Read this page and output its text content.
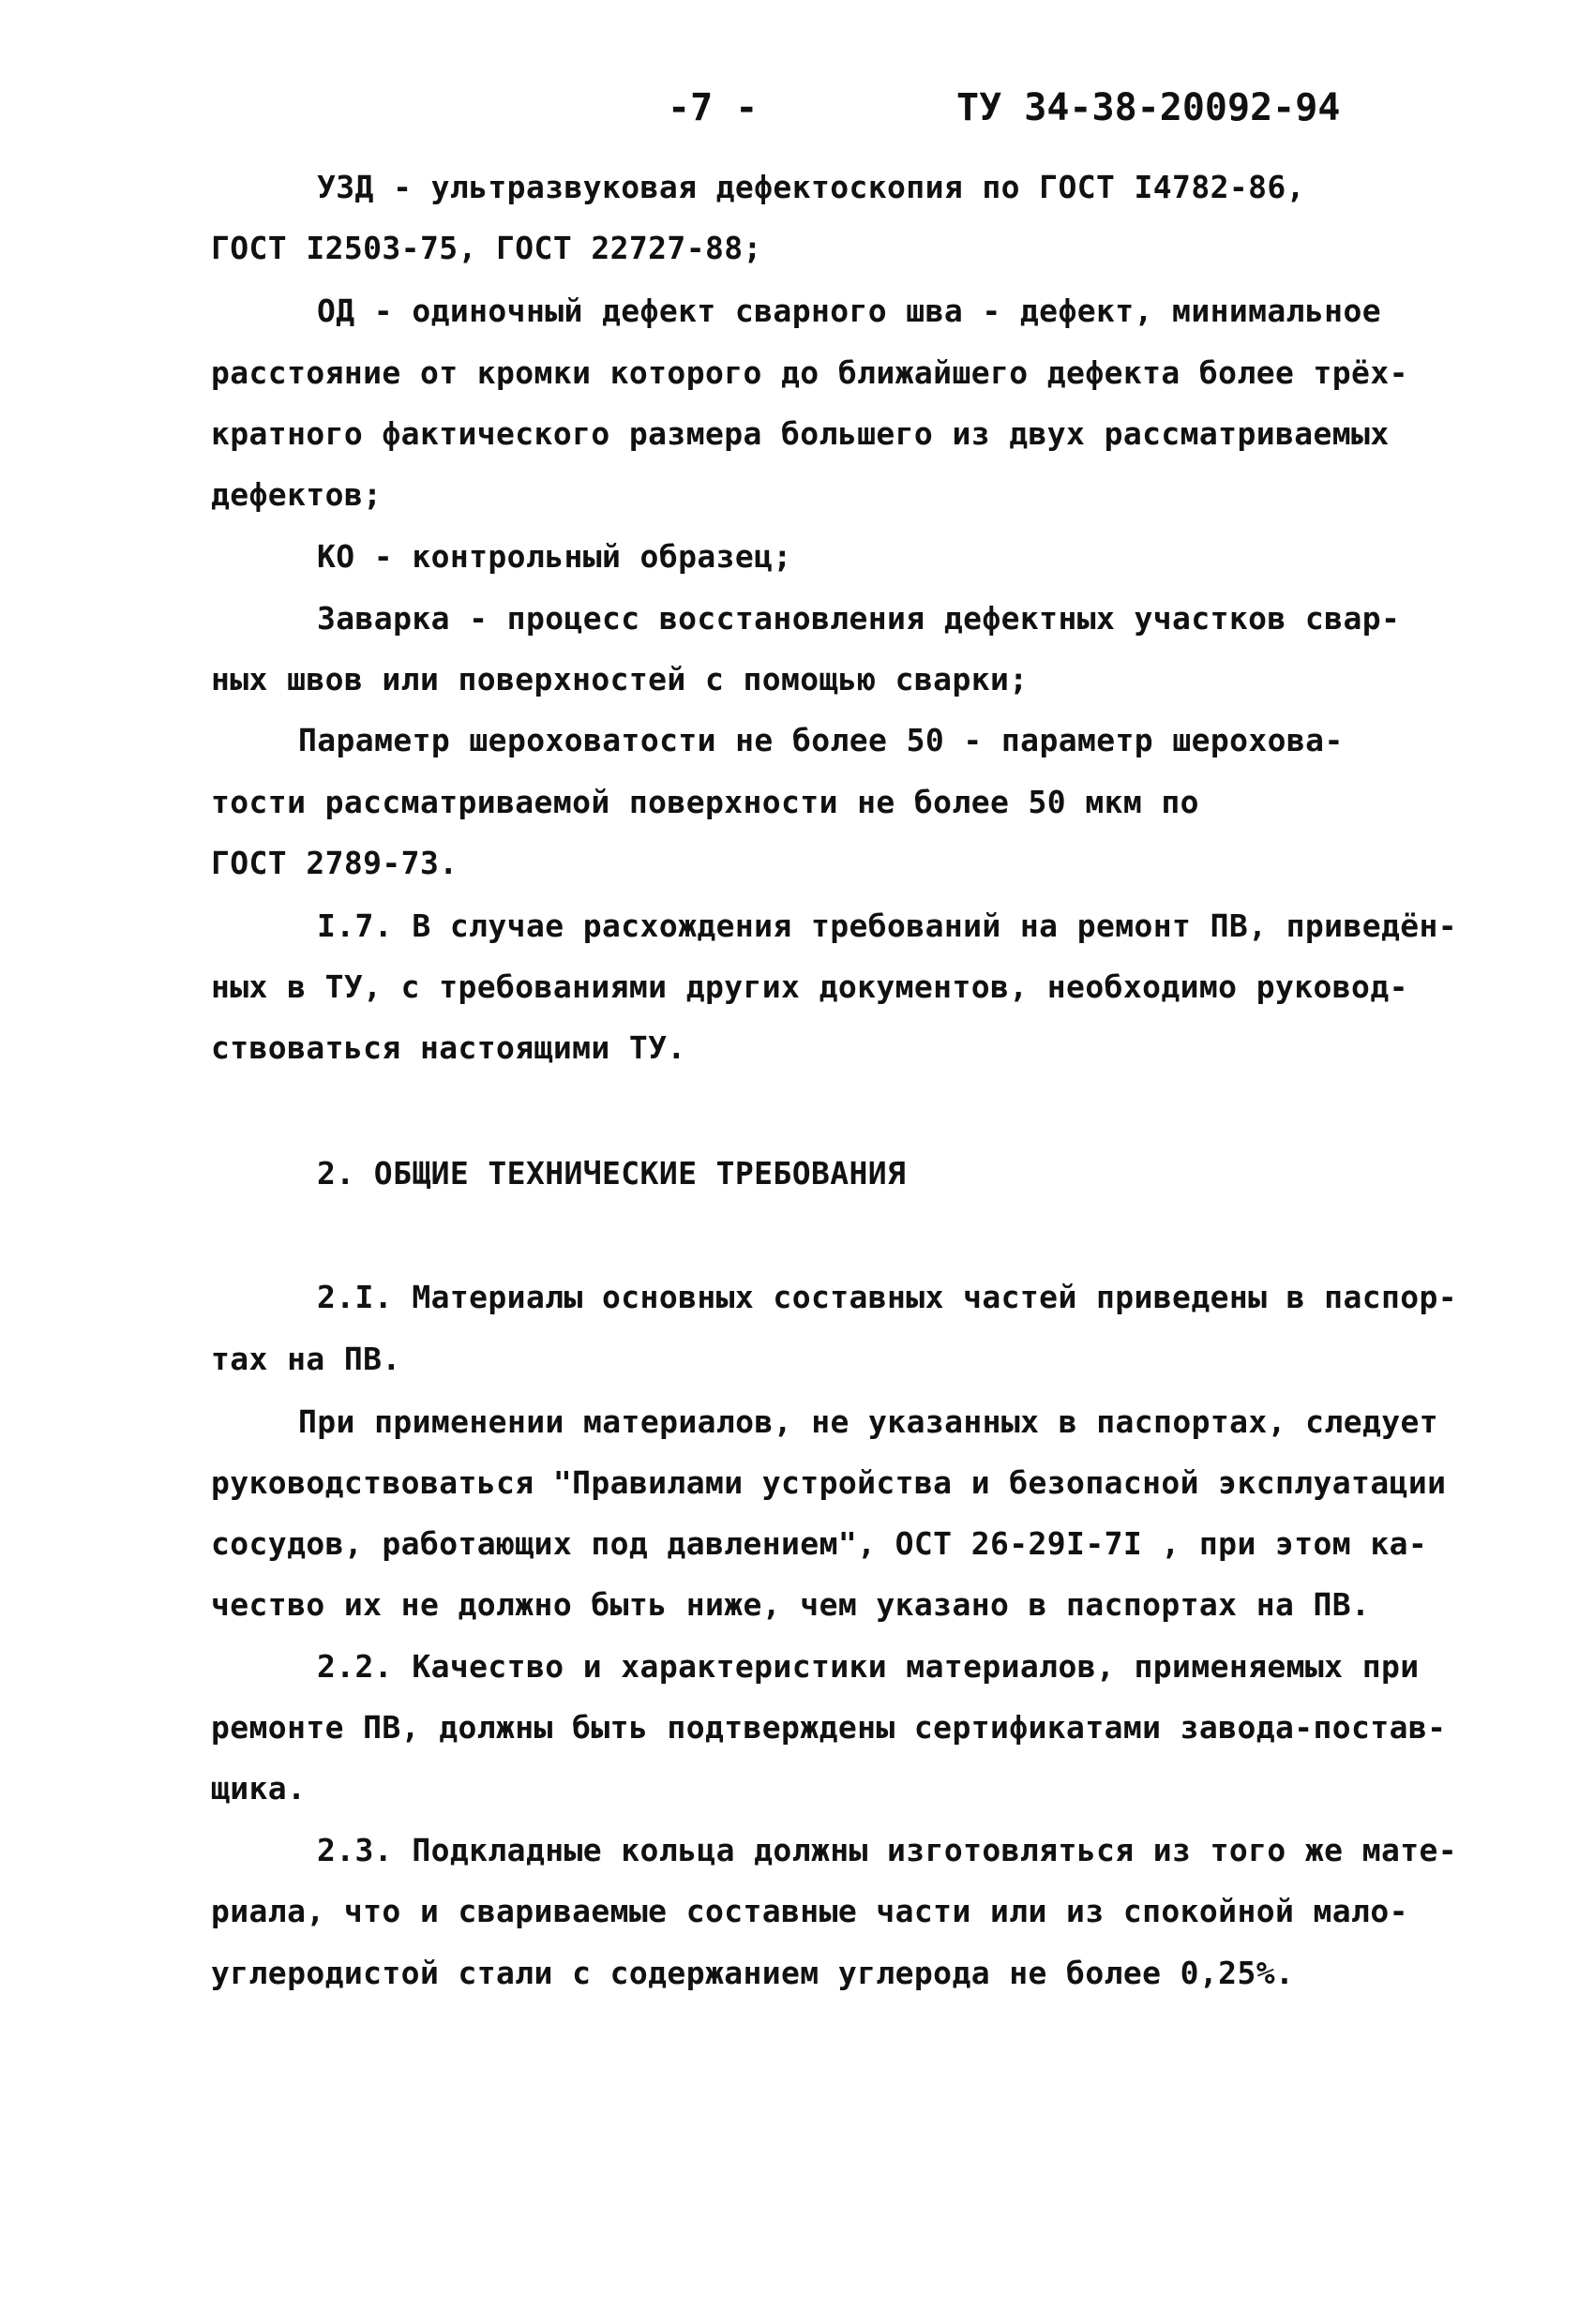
-7 -	ТУ 34-38-20092-94
УЗД - ультразвуковая дефектоскопия по ГОСТ I4782-86,
ГОСТ I2503-75, ГОСТ 22727-88;
ОД - одиночный дефект сварного шва - дефект, минимальное
расстояние от кромки которого до ближайшего дефекта более трёх-
кратного фактического размера большего из двух рассматриваемых
дефектов;
КО - контрольный образец;
Заварка - процесс восстановления дефектных участков свар-
ных швов или поверхностей с помощью сварки;
Параметр шероховатости не более 50 - параметр шерохова-
тости рассматриваемой поверхности не более 50 мкм по
ГОСТ 2789-73.
I.7. В случае расхождения требований на ремонт ПВ, приведён-
ных в ТУ, с требованиями других документов, необходимо руковод-
ствоваться настоящими ТУ.
2. ОБЩИЕ ТЕХНИЧЕСКИЕ ТРЕБОВАНИЯ
2.I. Материалы основных составных частей приведены в паспор-
тах на ПВ.
При применении материалов, не указанных в паспортах, следует
руководствоваться "Правилами устройства и безопасной эксплуатации
сосудов, работающих под давлением", ОСТ 26-29I-7I , при этом ка-
чество их не должно быть ниже, чем указано в паспортах на ПВ.
2.2. Качество и характеристики материалов, применяемых при
ремонте ПВ, должны быть подтверждены сертификатами завода-постав-
щика.
2.3. Подкладные кольца должны изготовляться из того же мате-
риала, что и свариваемые составные части или из спокойной мало-
углеродистой стали с содержанием углерода не более 0,25%.
